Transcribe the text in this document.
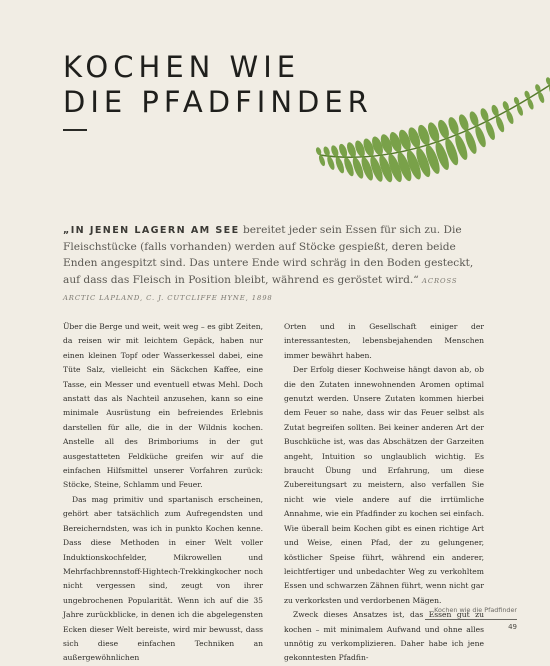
KOCHEN WIE
DIE PFADFINDER
„IN JENEN LAGERN AM SEE bereitet jeder sein Essen für sich zu. Die Fleischstücke (falls vorhanden) werden auf Stöcke gespießt, deren beide Enden angespitzt sind. Das untere Ende wird schräg in den Boden gesteckt, auf dass das Fleisch in Position bleibt, während es geröstet wird.“ ACROSS ARCTIC LAPLAND, C. J. CUTCLIFFE HYNE, 1898

Über die Berge und weit, weit weg – es gibt Zeiten, da reisen wir mit leichtem Gepäck, haben nur einen kleinen Topf oder Wasserkessel dabei, eine Tüte Salz, vielleicht ein Säckchen Kaffee, eine Tasse, ein Messer und eventuell etwas Mehl. Doch anstatt das als Nachteil anzusehen, kann so eine minimale Ausrüstung ein befreiendes Erlebnis darstellen für alle, die in der Wildnis kochen. Anstelle all des Brimboriums in der gut ausgestatteten Feldküche greifen wir auf die einfachen Hilfsmittel unserer Vorfahren zurück: Stöcke, Steine, Schlamm und Feuer.

Das mag primitiv und spartanisch erscheinen, gehört aber tatsächlich zum Aufregendsten und Bereicherndsten, was ich in punkto Kochen kenne. Dass diese Methoden in einer Welt voller Induktionskochfelder, Mikrowellen und Mehrfachbrennstoff-Hightech-Trekkingkocher noch nicht vergessen sind, zeugt von ihrer ungebrochenen Popularität. Wenn ich auf die 35 Jahre zurückblicke, in denen ich die abgelegensten Ecken dieser Welt bereiste, wird mir bewusst, dass sich diese einfachen Techniken an außergewöhnlichen

Orten und in Gesellschaft einiger der interessantesten, lebensbejahenden Menschen immer bewährt haben.

Der Erfolg dieser Kochweise hängt davon ab, ob die den Zutaten innewohnenden Aromen optimal genutzt werden. Unsere Zutaten kommen hierbei dem Feuer so nahe, dass wir das Feuer selbst als Zutat begreifen sollten. Bei keiner anderen Art der Buschküche ist, was das Abschätzen der Garzeiten angeht, Intuition so unglaublich wichtig. Es braucht Übung und Erfahrung, um diese Zubereitungsart zu meistern, also verfallen Sie nicht wie viele andere auf die irrtümliche Annahme, wie ein Pfadfinder zu kochen sei einfach. Wie überall beim Kochen gibt es einen richtige Art und Weise, einen Pfad, der zu gelungener, köstlicher Speise führt, während ein anderer, leichtfertiger und unbedachter Weg zu verkohltem Essen und schwarzen Zähnen führt, wenn nicht gar zu verkorksten und verdorbenen Mägen.

Zweck dieses Ansatzes ist, das Essen gut zu kochen – mit minimalem Aufwand und ohne alles unnötig zu verkomplizieren. Daher habe ich jene gekonntesten Pfadfin-

Kochen wie die Pfadfinder
49
